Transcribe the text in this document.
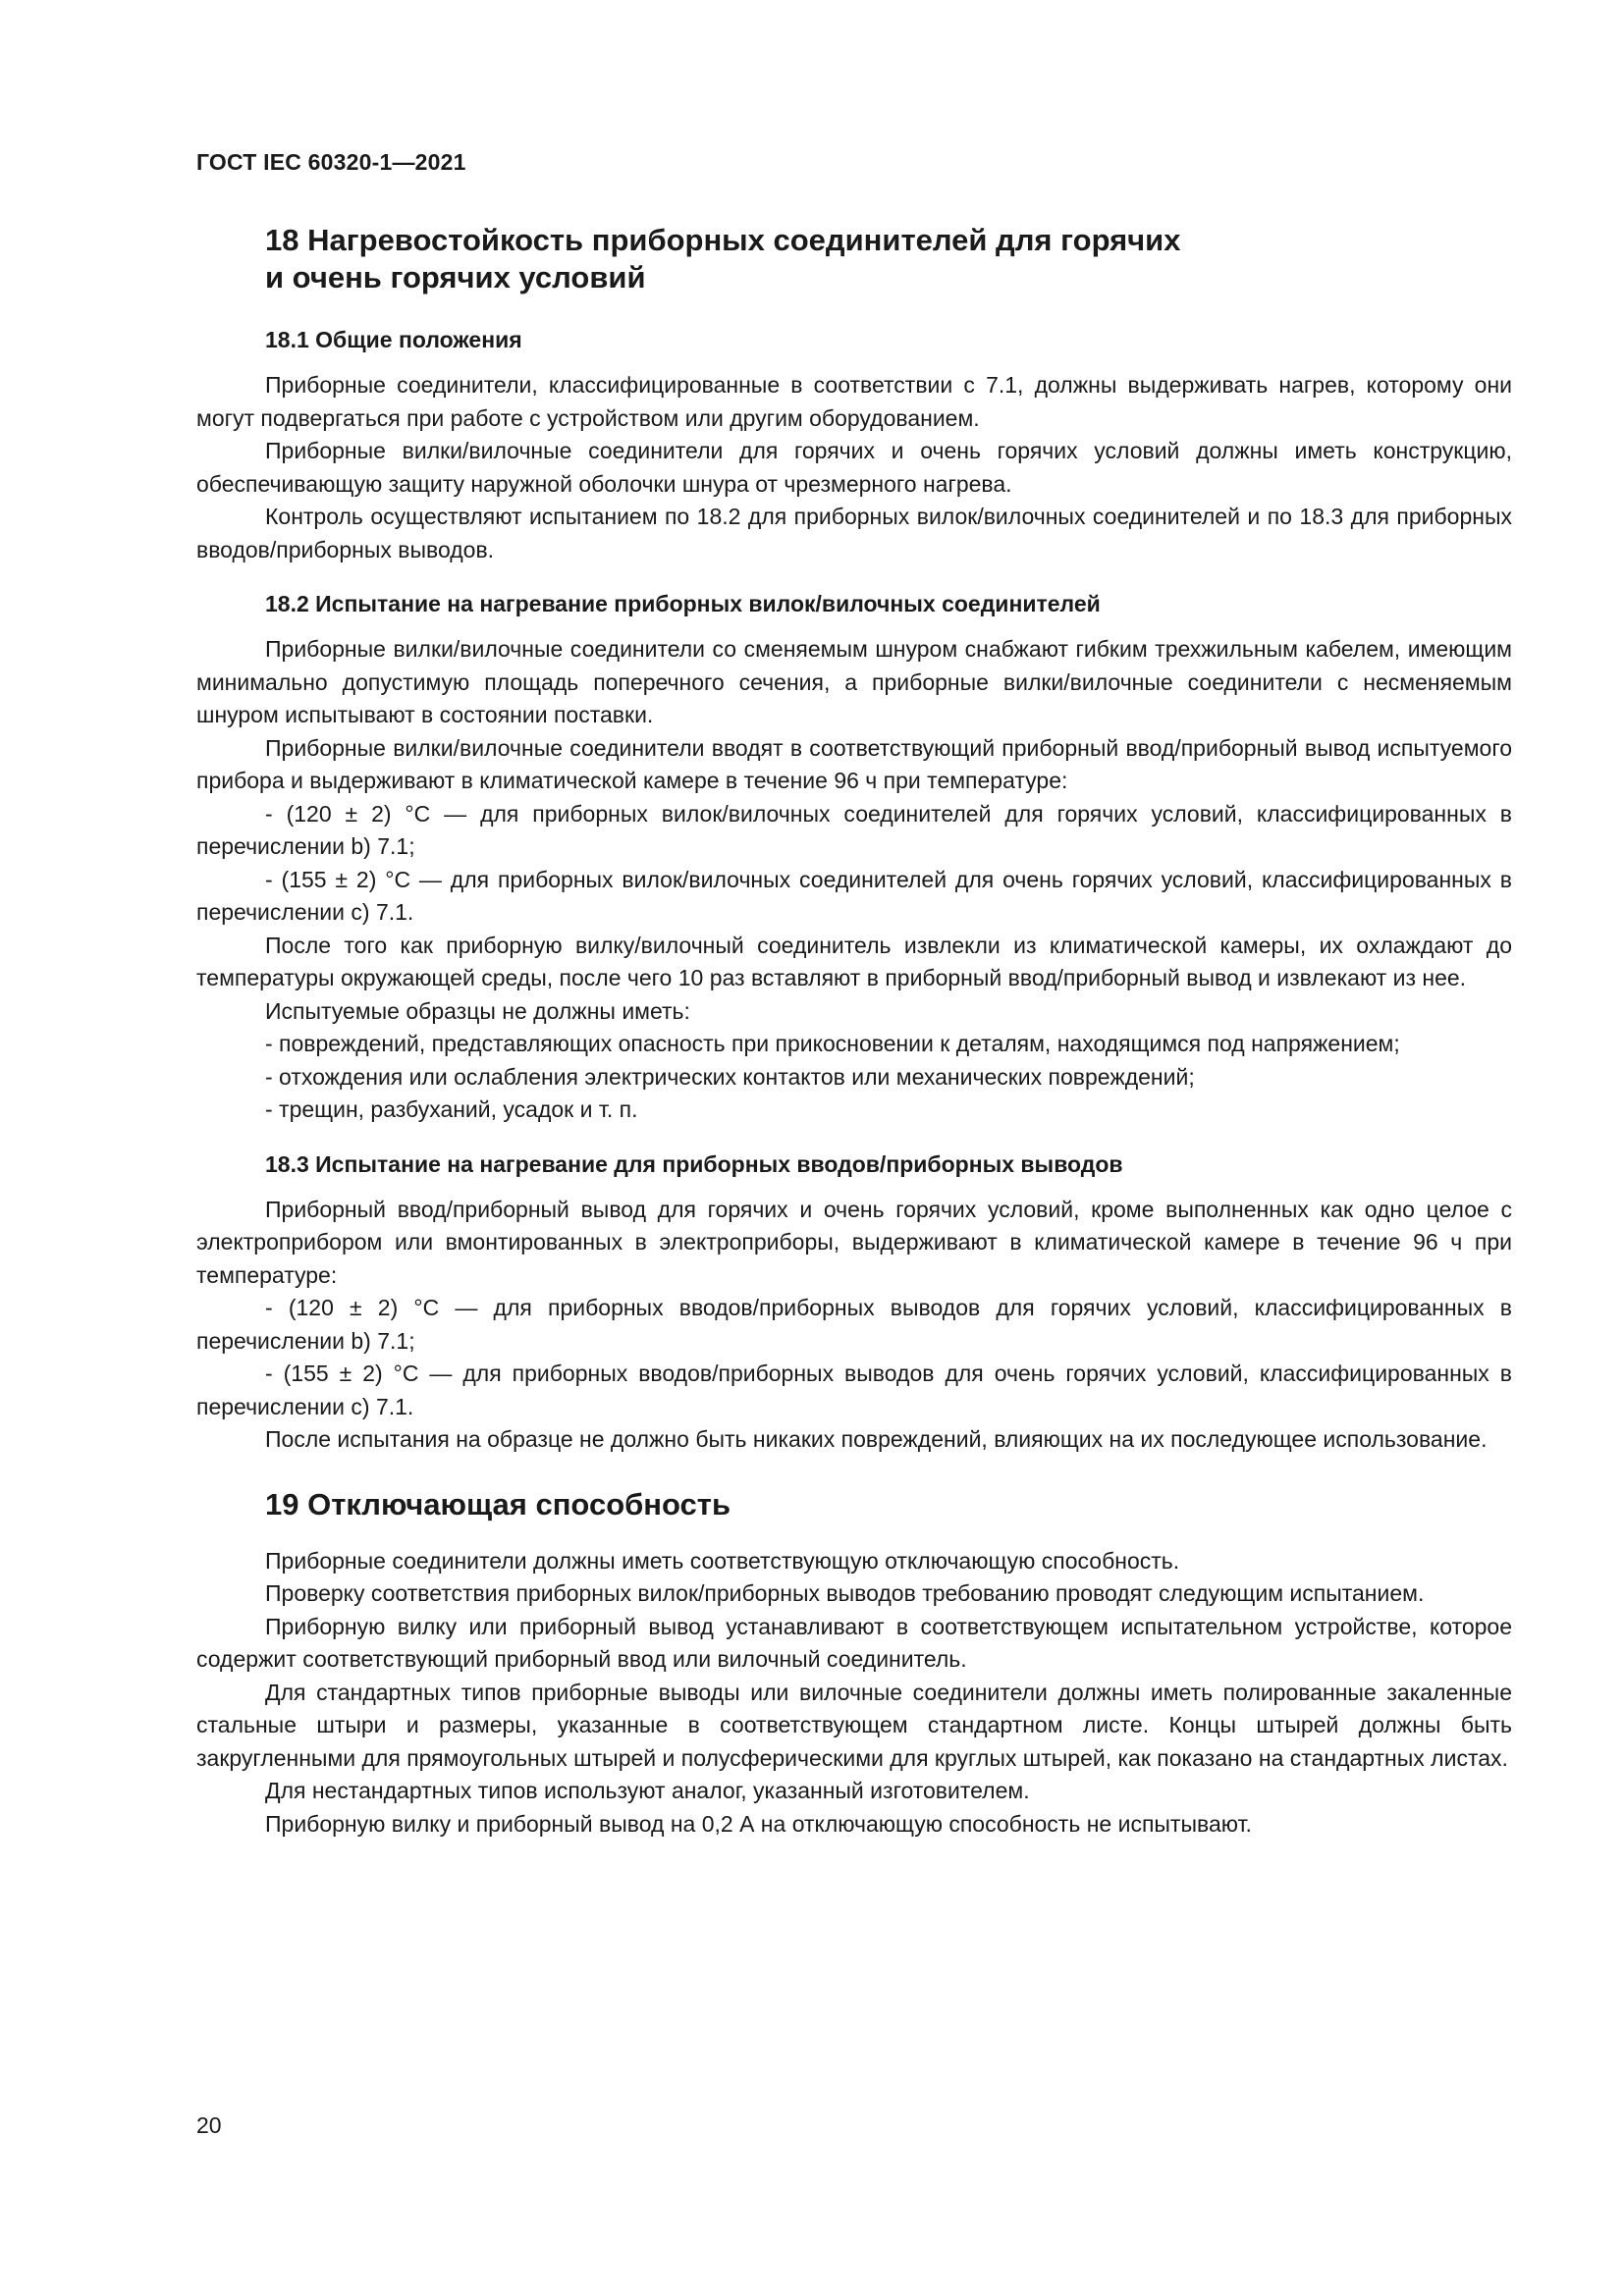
ГОСТ IEC 60320-1—2021
18 Нагревостойкость приборных соединителей для горячих
и очень горячих условий
18.1 Общие положения

Приборные соединители, классифицированные в соответствии с 7.1, должны выдерживать нагрев, которому они могут подвергаться при работе с устройством или другим оборудованием.

Приборные вилки/вилочные соединители для горячих и очень горячих условий должны иметь конструкцию, обеспечивающую защиту наружной оболочки шнура от чрезмерного нагрева.

Контроль осуществляют испытанием по 18.2 для приборных вилок/вилочных соединителей и по 18.3 для приборных вводов/приборных выводов.

18.2 Испытание на нагревание приборных вилок/вилочных соединителей

Приборные вилки/вилочные соединители со сменяемым шнуром снабжают гибким трехжильным кабелем, имеющим минимально допустимую площадь поперечного сечения, а приборные вилки/вилочные соединители с несменяемым шнуром испытывают в состоянии поставки.

Приборные вилки/вилочные соединители вводят в соответствующий приборный ввод/приборный вывод испытуемого прибора и выдерживают в климатической камере в течение 96 ч при температуре:

- (120 ± 2) °C — для приборных вилок/вилочных соединителей для горячих условий, классифицированных в перечислении b) 7.1;

- (155 ± 2) °C — для приборных вилок/вилочных соединителей для очень горячих условий, классифицированных в перечислении с) 7.1.

После того как приборную вилку/вилочный соединитель извлекли из климатической камеры, их охлаждают до температуры окружающей среды, после чего 10 раз вставляют в приборный ввод/приборный вывод и извлекают из нее.

Испытуемые образцы не должны иметь:

- повреждений, представляющих опасность при прикосновении к деталям, находящимся под напряжением;

- отхождения или ослабления электрических контактов или механических повреждений;

- трещин, разбуханий, усадок и т. п.

18.3 Испытание на нагревание для приборных вводов/приборных выводов

Приборный ввод/приборный вывод для горячих и очень горячих условий, кроме выполненных как одно целое с электроприбором или вмонтированных в электроприборы, выдерживают в климатической камере в течение 96 ч при температуре:

- (120 ± 2) °C — для приборных вводов/приборных выводов для горячих условий, классифицированных в перечислении b) 7.1;

- (155 ± 2) °C — для приборных вводов/приборных выводов для очень горячих условий, классифицированных в перечислении с) 7.1.

После испытания на образце не должно быть никаких повреждений, влияющих на их последующее использование.

19 Отключающая способность

Приборные соединители должны иметь соответствующую отключающую способность.

Проверку соответствия приборных вилок/приборных выводов требованию проводят следующим испытанием.

Приборную вилку или приборный вывод устанавливают в соответствующем испытательном устройстве, которое содержит соответствующий приборный ввод или вилочный соединитель.

Для стандартных типов приборные выводы или вилочные соединители должны иметь полированные закаленные стальные штыри и размеры, указанные в соответствующем стандартном листе. Концы штырей должны быть закругленными для прямоугольных штырей и полусферическими для круглых штырей, как показано на стандартных листах.

Для нестандартных типов используют аналог, указанный изготовителем.

Приборную вилку и приборный вывод на 0,2 А на отключающую способность не испытывают.

20
